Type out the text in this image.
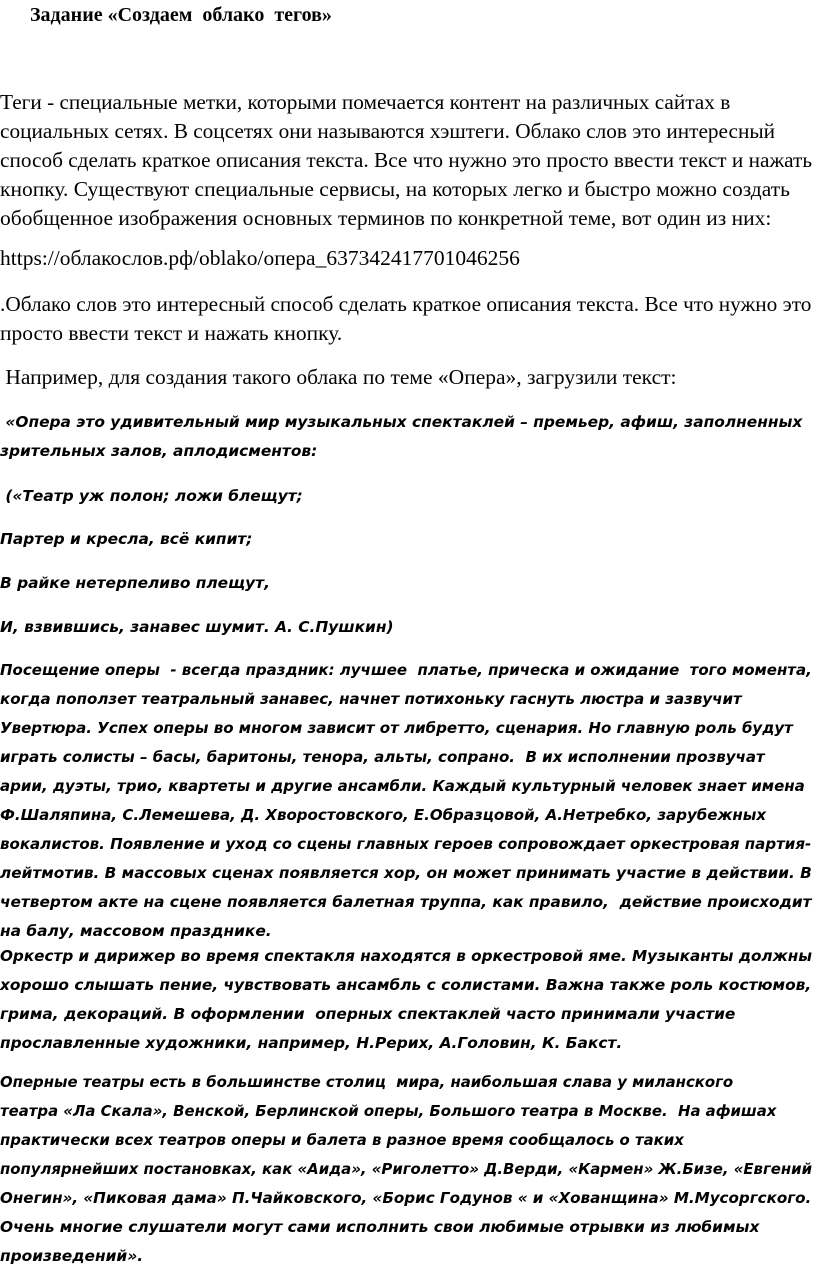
Задание «Создаем  облако  тегов»
Теги - специальные метки, которыми помечается контент на различных сайтах в
социальных сетях. В соцсетях они называются хэштеги. Облако слов это интересный
способ сделать краткое описания текста. Все что нужно это просто ввести текст и нажать
кнопку. Существуют специальные сервисы, на которых легко и быстро можно создать
обобщенное изображения основных терминов по конкретной теме, вот один из них:
https://облакослов.рф/oblako/опера_637342417701046256
.Облако слов это интересный способ сделать краткое описания текста. Все что нужно это
просто ввести текст и нажать кнопку.
Например, для создания такого облака по теме «Опера», загрузили текст:
«Опера это удивительный мир музыкальных спектаклей – премьер, афиш, заполненных
зрительных залов, аплодисментов:
(«Театр уж полон; ложи блещут;
Партер и кресла, всё кипит;
В райке нетерпеливо плещут,
И, взвившись, занавес шумит. А. С.Пушкин)
Посещение оперы  - всегда праздник: лучшее  платье, прическа и ожидание  того момента,
когда поползет театральный занавес, начнет потихоньку гаснуть люстра и зазвучит
Увертюра. Успех оперы во многом зависит от либретто, сценария. Но главную роль будут
играть солисты – басы, баритоны, тенора, альты, сопрано.  В их исполнении прозвучат
арии, дуэты, трио, квартеты и другие ансамбли. Каждый культурный человек знает имена
Ф.Шаляпина, С.Лемешева, Д. Хворостовского, Е.Образцовой, А.Нетребко, зарубежных
вокалистов. Появление и уход со сцены главных героев сопровождает оркестровая партия-
лейтмотив. В массовых сценах появляется хор, он может принимать участие в действии. В
четвертом акте на сцене появляется балетная труппа, как правило,  действие происходит
на балу, массовом празднике.
Оркестр и дирижер во время спектакля находятся в оркестровой яме. Музыканты должны
хорошо слышать пение, чувствовать ансамбль с солистами. Важна также роль костюмов,
грима, декораций. В оформлении  оперных спектаклей часто принимали участие
прославленные художники, например, Н.Рерих, А.Головин, К. Бакст.
Оперные театры есть в большинстве столиц  мира, наибольшая слава у миланского
театра «Ла Скала», Венской, Берлинской оперы, Большого театра в Москве.  На афишах
практически всех театров оперы и балета в разное время сообщалось о таких
популярнейших постановках, как «Аида», «Риголетто» Д.Верди, «Кармен» Ж.Бизе, «Евгений
Онегин», «Пиковая дама» П.Чайковского, «Борис Годунов « и «Хованщина» М.Мусоргского.
Очень многие слушатели могут сами исполнить свои любимые отрывки из любимых
произведений».
